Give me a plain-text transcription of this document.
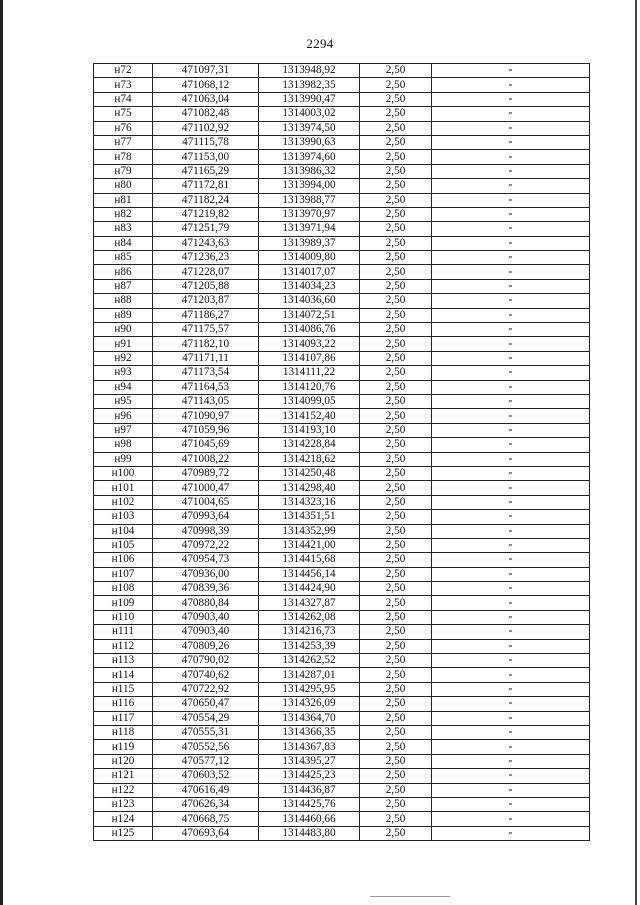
2294
н72	471097,31	1313948,92	2,50	-
н73	471068,12	1313982,35	2,50	-
н74	471063,04	1313990,47	2,50	-
н75	471082,48	1314003,02	2,50	-
н76	471102,92	1313974,50	2,50	-
н77	471115,78	1313990,63	2,50	-
н78	471153,00	1313974,60	2,50	-
н79	471165,29	1313986,32	2,50	-
н80	471172,81	1313994,00	2,50	-
н81	471182,24	1313988,77	2,50	-
н82	471219,82	1313970,97	2,50	-
н83	471251,79	1313971,94	2,50	-
н84	471243,63	1313989,37	2,50	-
н85	471236,23	1314009,80	2,50	-
н86	471228,07	1314017,07	2,50	-
н87	471205,88	1314034,23	2,50	-
н88	471203,87	1314036,60	2,50	-
н89	471186,27	1314072,51	2,50	-
н90	471175,57	1314086,76	2,50	-
н91	471182,10	1314093,22	2,50	-
н92	471171,11	1314107,86	2,50	-
н93	471173,54	1314111,22	2,50	-
н94	471164,53	1314120,76	2,50	-
н95	471143,05	1314099,05	2,50	-
н96	471090,97	1314152,40	2,50	-
н97	471059,96	1314193,10	2,50	-
н98	471045,69	1314228,84	2,50	-
н99	471008,22	1314218,62	2,50	-
н100	470989,72	1314250,48	2,50	-
н101	471000,47	1314298,40	2,50	-
н102	471004,65	1314323,16	2,50	-
н103	470993,64	1314351,51	2,50	-
н104	470998,39	1314352,99	2,50	-
н105	470972,22	1314421,00	2,50	-
н106	470954,73	1314415,68	2,50	-
н107	470936,00	1314456,14	2,50	-
н108	470839,36	1314424,90	2,50	-
н109	470880,84	1314327,87	2,50	-
н110	470903,40	1314262,08	2,50	-
н111	470903,40	1314216,73	2,50	-
н112	470809,26	1314253,39	2,50	-
н113	470790,02	1314262,52	2,50	-
н114	470740,62	1314287,01	2,50	-
н115	470722,92	1314295,95	2,50	-
н116	470650,47	1314326,09	2,50	-
н117	470554,29	1314364,70	2,50	-
н118	470555,31	1314366,35	2,50	-
н119	470552,56	1314367,83	2,50	-
н120	470577,12	1314395,27	2,50	-
н121	470603,52	1314425,23	2,50	-
н122	470616,49	1314436,87	2,50	-
н123	470626,34	1314425,76	2,50	-
н124	470668,75	1314460,66	2,50	-
н125	470693,64	1314483,80	2,50	-
